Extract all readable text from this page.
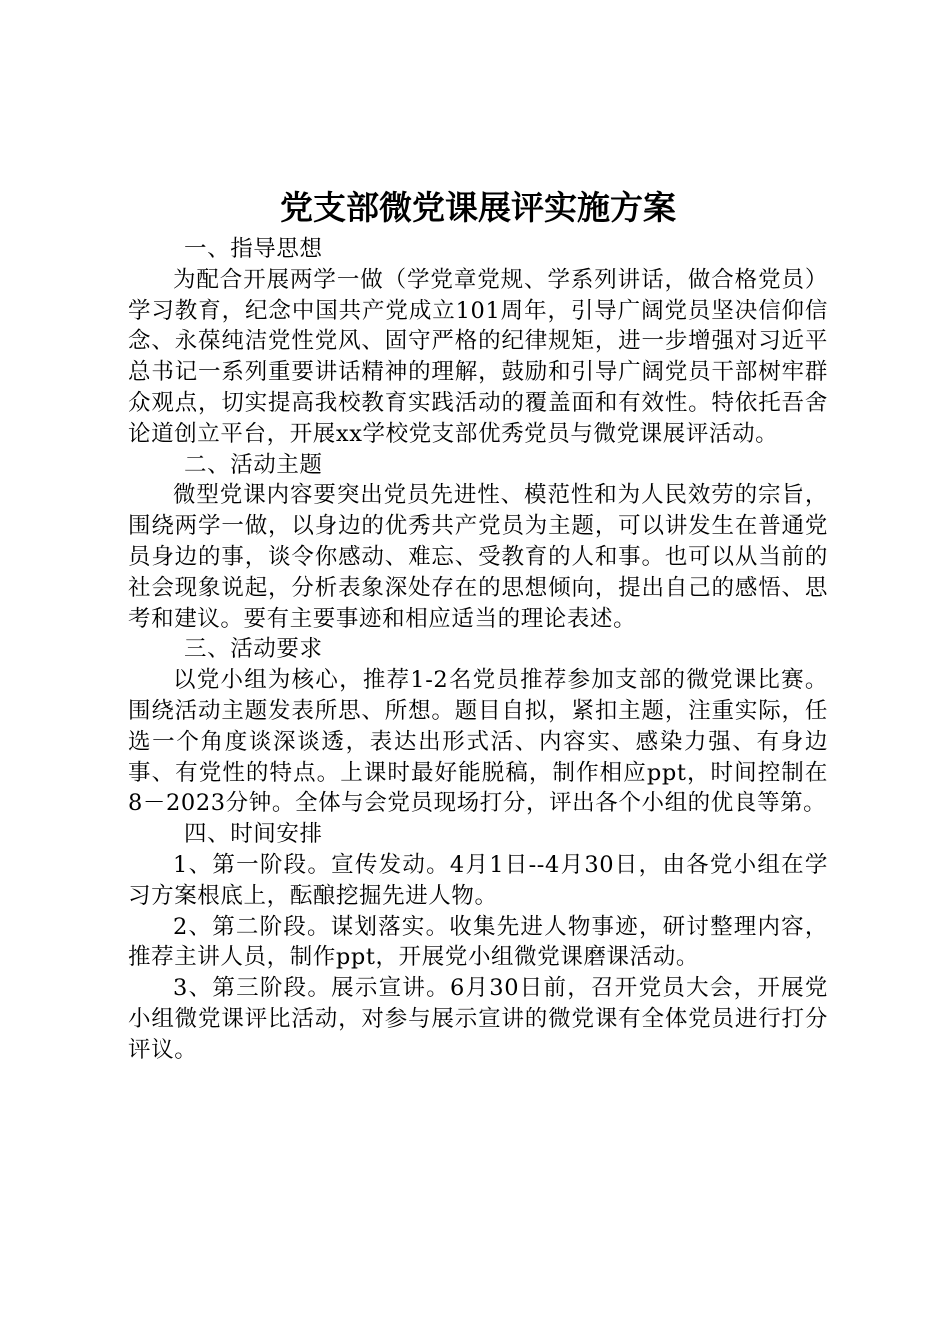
党支部微党课展评实施方案

一、指导思想

为配合开展两学一做（学党章党规、学系列讲话，做合格党员）学习教育，纪念中国共产党成立101周年，引导广阔党员坚决信仰信念、永葆纯洁党性党风、固守严格的纪律规矩，进一步增强对习近平总书记一系列重要讲话精神的理解，鼓励和引导广阔党员干部树牢群众观点，切实提高我校教育实践活动的覆盖面和有效性。特依托吾舍论道创立平台，开展xx学校党支部优秀党员与微党课展评活动。

二、活动主题

微型党课内容要突出党员先进性、模范性和为人民效劳的宗旨，围绕两学一做，以身边的优秀共产党员为主题，可以讲发生在普通党员身边的事，谈令你感动、难忘、受教育的人和事。也可以从当前的社会现象说起，分析表象深处存在的思想倾向，提出自己的感悟、思考和建议。要有主要事迹和相应适当的理论表述。

三、活动要求

以党小组为核心，推荐1-2名党员推荐参加支部的微党课比赛。围绕活动主题发表所思、所想。题目自拟，紧扣主题，注重实际，任选一个角度谈深谈透，表达出形式活、内容实、感染力强、有身边事、有党性的特点。上课时最好能脱稿，制作相应ppt，时间控制在8－2023分钟。全体与会党员现场打分，评出各个小组的优良等第。

四、时间安排

1、第一阶段。宣传发动。4月1日--4月30日，由各党小组在学习方案根底上，酝酿挖掘先进人物。

2、第二阶段。谋划落实。收集先进人物事迹，研讨整理内容，推荐主讲人员，制作ppt，开展党小组微党课磨课活动。

3、第三阶段。展示宣讲。6月30日前，召开党员大会，开展党小组微党课评比活动，对参与展示宣讲的微党课有全体党员进行打分评议。
